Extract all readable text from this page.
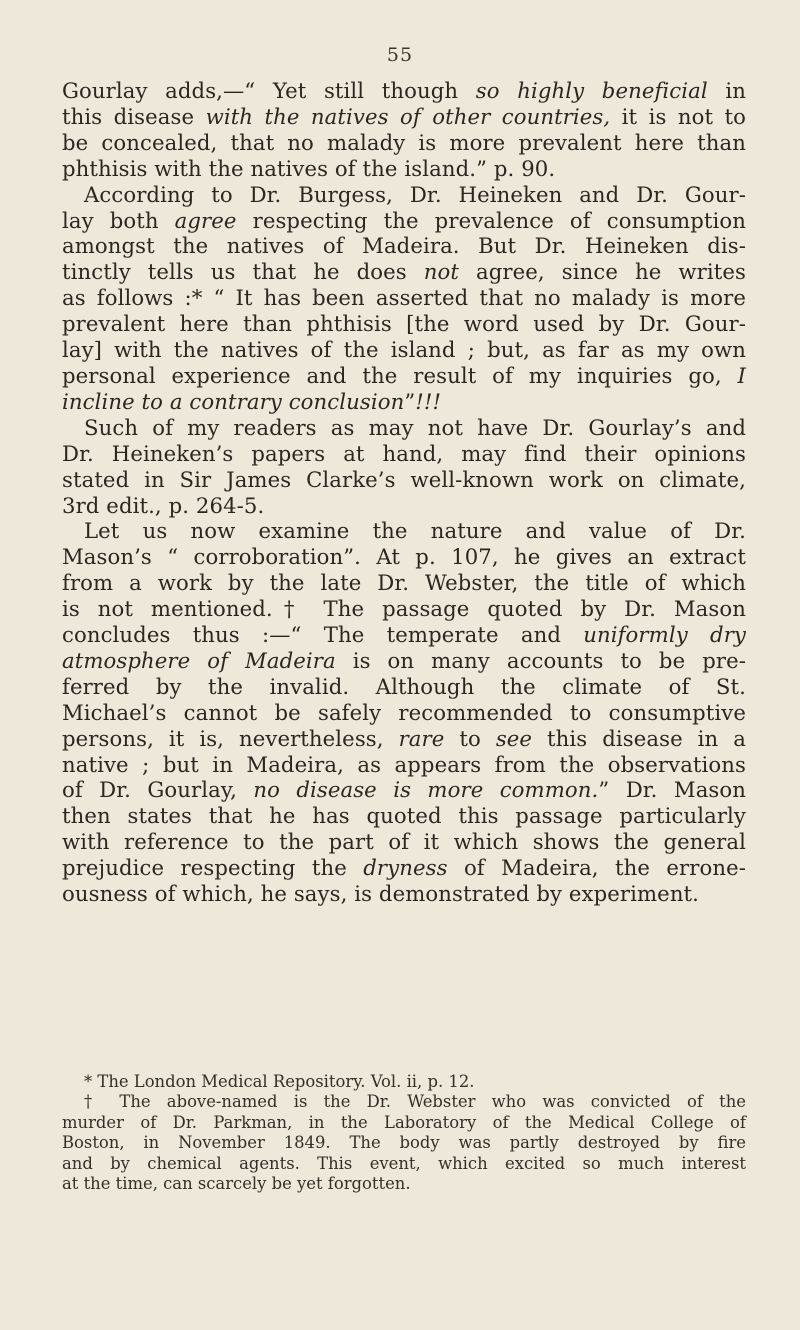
55
Gourlay adds,—“ Yet still though so highly beneficial in
this disease with the natives of other countries, it is not to
be concealed, that no malady is more prevalent here than
phthisis with the natives of the island.” p. 90.
According to Dr. Burgess, Dr. Heineken and Dr. Gour-
lay both agree respecting the prevalence of consumption
amongst the natives of Madeira. But Dr. Heineken dis-
tinctly tells us that he does not agree, since he writes
as follows :* “ It has been asserted that no malady is more
prevalent here than phthisis [the word used by Dr. Gour-
lay] with the natives of the island ; but, as far as my own
personal experience and the result of my inquiries go, I
incline to a contrary conclusion”!!!
Such of my readers as may not have Dr. Gourlay’s and
Dr. Heineken’s papers at hand, may find their opinions
stated in Sir James Clarke’s well-known work on climate,
3rd edit., p. 264-5.
Let us now examine the nature and value of Dr.
Mason’s “ corroboration”. At p. 107, he gives an extract
from a work by the late Dr. Webster, the title of which
is not mentioned.† The passage quoted by Dr. Mason
concludes thus :—“ The temperate and uniformly dry
atmosphere of Madeira is on many accounts to be pre-
ferred by the invalid. Although the climate of St.
Michael’s cannot be safely recommended to consumptive
persons, it is, nevertheless, rare to see this disease in a
native ; but in Madeira, as appears from the observations
of Dr. Gourlay, no disease is more common.” Dr. Mason
then states that he has quoted this passage particularly
with reference to the part of it which shows the general
prejudice respecting the dryness of Madeira, the errone-
ousness of which, he says, is demonstrated by experiment.
* The London Medical Repository. Vol. ii, p. 12.
† The above-named is the Dr. Webster who was convicted of the
murder of Dr. Parkman, in the Laboratory of the Medical College of
Boston, in November 1849. The body was partly destroyed by fire
and by chemical agents. This event, which excited so much interest
at the time, can scarcely be yet forgotten.
